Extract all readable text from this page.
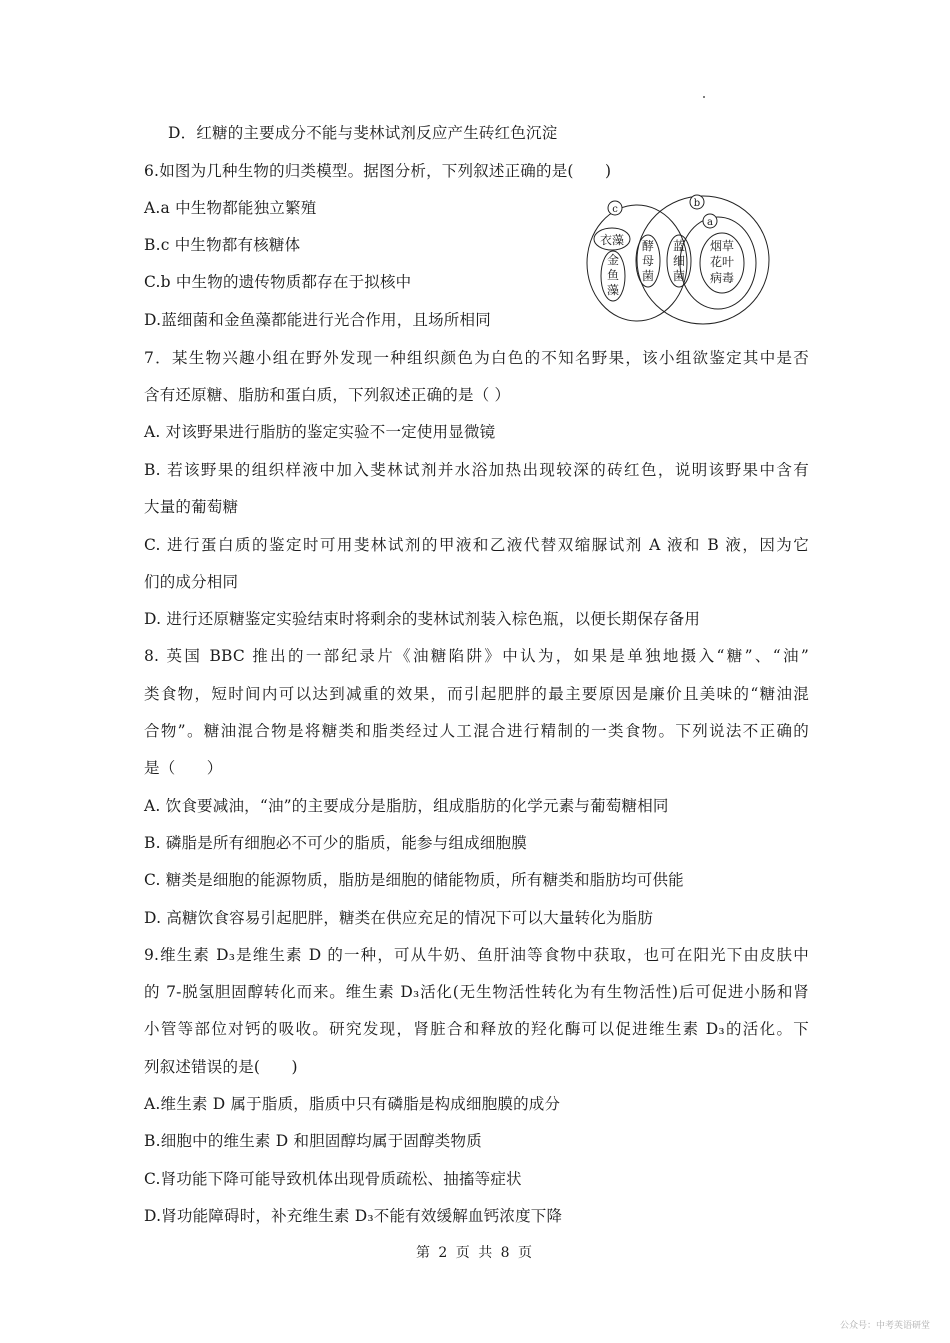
D．红糖的主要成分不能与斐林试剂反应产生砖红色沉淀
6.如图为几种生物的归类模型。据图分析，下列叙述正确的是(　　)
A.a 中生物都能独立繁殖
B.c 中生物都有核糖体
C.b 中生物的遗传物质都存在于拟核中
D.蓝细菌和金鱼藻都能进行光合作用，且场所相同
c
b
a
衣藻
金
鱼
藻
酵
母
菌
蓝
细
菌
烟草
花叶
病毒
7．某生物兴趣小组在野外发现一种组织颜色为白色的不知名野果，该小组欲鉴定其中是否
含有还原糖、脂肪和蛋白质，下列叙述正确的是（ ）
A. 对该野果进行脂肪的鉴定实验不一定使用显微镜
B. 若该野果的组织样液中加入斐林试剂并水浴加热出现较深的砖红色，说明该野果中含有
大量的葡萄糖
C. 进行蛋白质的鉴定时可用斐林试剂的甲液和乙液代替双缩脲试剂 A 液和 B 液，因为它
们的成分相同
D. 进行还原糖鉴定实验结束时将剩余的斐林试剂装入棕色瓶，以便长期保存备用
8. 英国 BBC 推出的一部纪录片《油糖陷阱》中认为，如果是单独地摄入“糖”、“油”
类食物，短时间内可以达到减重的效果，而引起肥胖的最主要原因是廉价且美味的“糖油混
合物”。糖油混合物是将糖类和脂类经过人工混合进行精制的一类食物。下列说法不正确的
是（　　）
A. 饮食要减油，“油”的主要成分是脂肪，组成脂肪的化学元素与葡萄糖相同
B. 磷脂是所有细胞必不可少的脂质，能参与组成细胞膜
C. 糖类是细胞的能源物质，脂肪是细胞的储能物质，所有糖类和脂肪均可供能
D. 高糖饮食容易引起肥胖，糖类在供应充足的情况下可以大量转化为脂肪
9.维生素 D₃是维生素 D 的一种，可从牛奶、鱼肝油等食物中获取，也可在阳光下由皮肤中
的 7-脱氢胆固醇转化而来。维生素 D₃活化(无生物活性转化为有生物活性)后可促进小肠和肾
小管等部位对钙的吸收。研究发现，肾脏合和释放的羟化酶可以促进维生素 D₃的活化。下
列叙述错误的是(　　)
A.维生素 D 属于脂质，脂质中只有磷脂是构成细胞膜的成分
B.细胞中的维生素 D 和胆固醇均属于固醇类物质
C.肾功能下降可能导致机体出现骨质疏松、抽搐等症状
D.肾功能障碍时，补充维生素 D₃不能有效缓解血钙浓度下降
第 2 页 共 8 页
公众号：中考英语研堂
